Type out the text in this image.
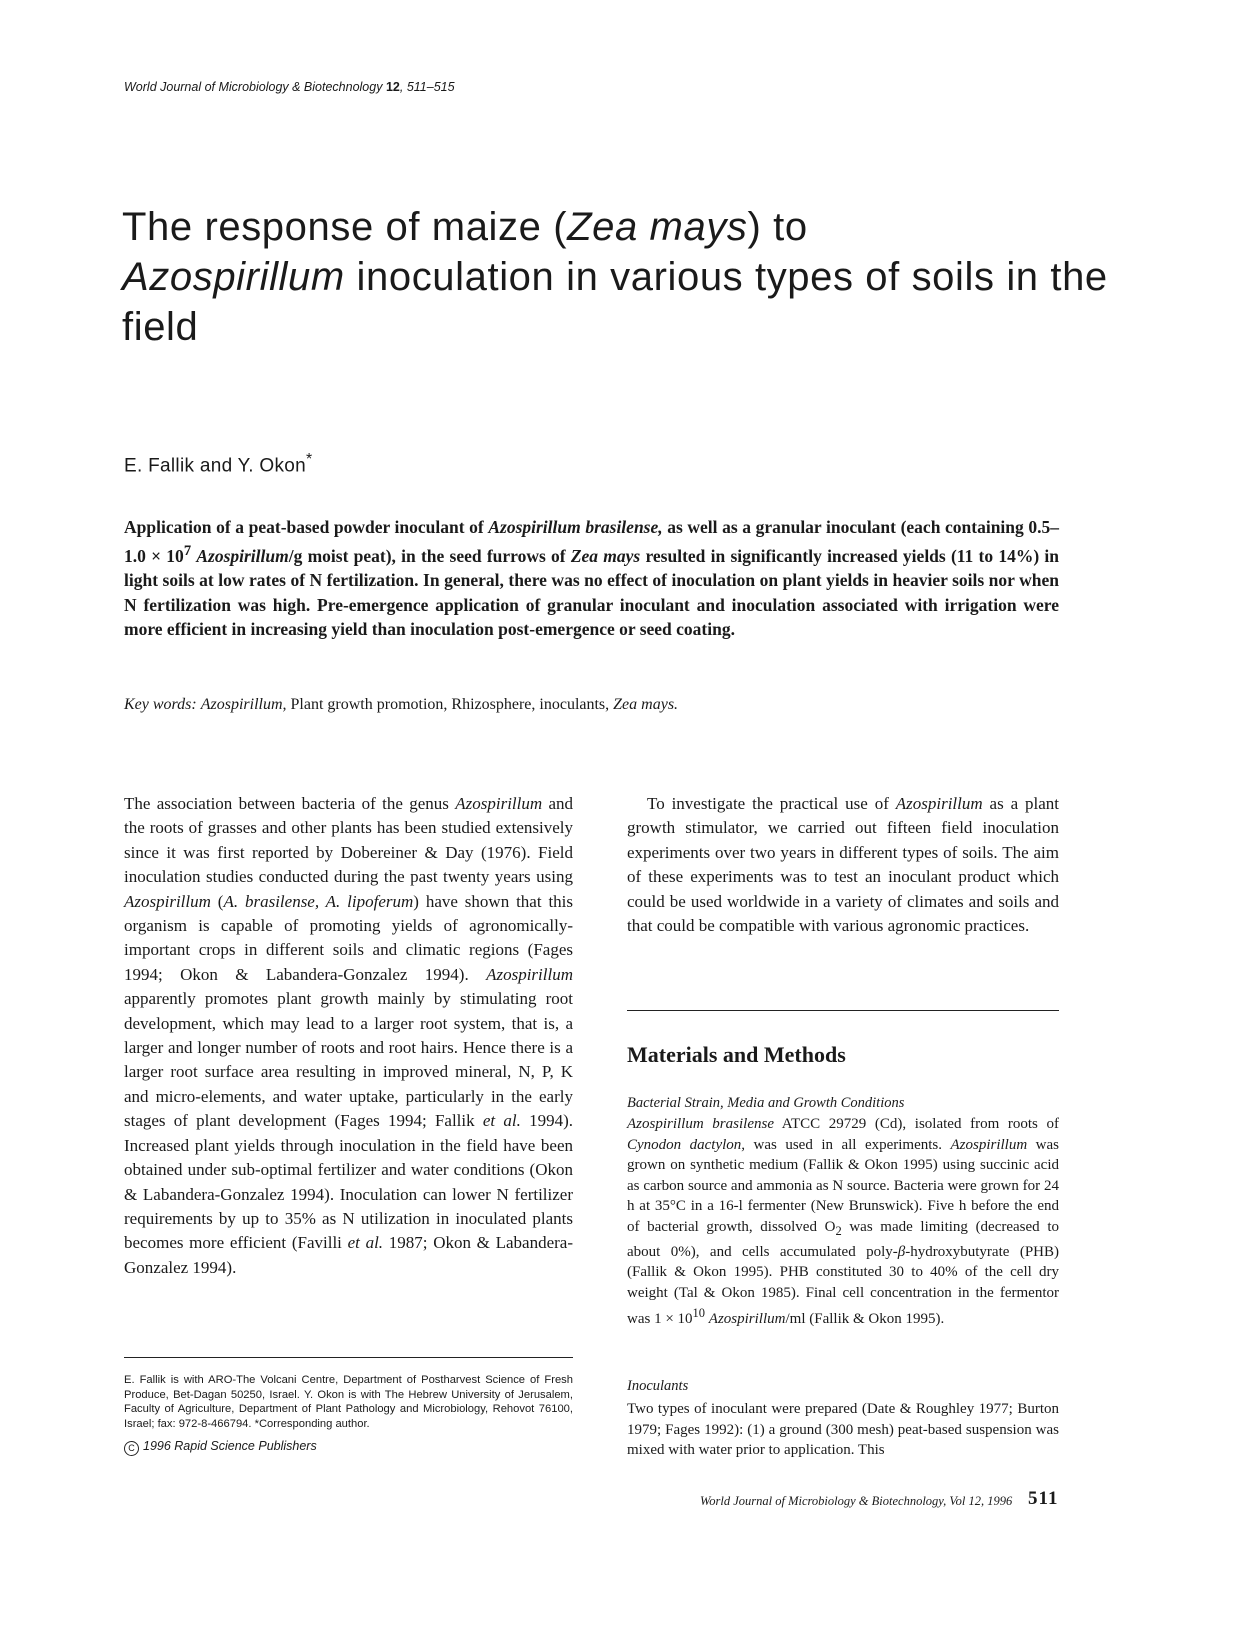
World Journal of Microbiology & Biotechnology 12, 511–515
The response of maize (Zea mays) to
Azospirillum inoculation in various types of soils in the field
E. Fallik and Y. Okon*

Application of a peat-based powder inoculant of Azospirillum brasilense, as well as a granular inoculant (each containing $0.5-1.0 \times 10^7$ Azospirillum/g moist peat), in the seed furrows of Zea mays resulted in significantly increased yields (11 to 14%) in light soils at low rates of N fertilization. In general, there was no effect of inoculation on plant yields in heavier soils nor when N fertilization was high. Pre-emergence application of granular inoculant and inoculation associated with irrigation were more efficient in increasing yield than inoculation post-emergence or seed coating.

Key words: Azospirillum, Plant growth promotion, Rhizosphere, inoculants, Zea mays.
The association between bacteria of the genus Azospirillum and the roots of grasses and other plants has been studied extensively since it was first reported by Dobereiner & Day (1976). Field inoculation studies conducted during the past twenty years using Azospirillum (A. brasilense, A. lipoferum) have shown that this organism is capable of promoting yields of agronomically-important crops in different soils and climatic regions (Fages 1994; Okon & Labandera-Gonzalez 1994). Azospirillum apparently promotes plant growth mainly by stimulating root development, which may lead to a larger root system, that is, a larger and longer number of roots and root hairs. Hence there is a larger root surface area resulting in improved mineral, N, P, K and micro-elements, and water uptake, particularly in the early stages of plant development (Fages 1994; Fallik et al. 1994). Increased plant yields through inoculation in the field have been obtained under sub-optimal fertilizer and water conditions (Okon & Labandera-Gonzalez 1994). Inoculation can lower N fertilizer requirements by up to 35% as N utilization in inoculated plants becomes more efficient (Favilli et al. 1987; Okon & Labandera-Gonzalez 1994).
To investigate the practical use of Azospirillum as a plant growth stimulator, we carried out fifteen field inoculation experiments over two years in different types of soils. The aim of these experiments was to test an inoculant product which could be used worldwide in a variety of climates and soils and that could be compatible with various agronomic practices.
Materials and Methods
Bacterial Strain, Media and Growth Conditions
Azospirillum brasilense ATCC 29729 (Cd), isolated from roots of Cynodon dactylon, was used in all experiments. Azospirillum was grown on synthetic medium (Fallik & Okon 1995) using succinic acid as carbon source and ammonia as N source. Bacteria were grown for 24 h at 35°C in a 16-l fermenter (New Brunswick). Five h before the end of bacterial growth, dissolved $O_2$ was made limiting (decreased to about 0%), and cells accumulated poly-β-hydroxybutyrate (PHB) (Fallik & Okon 1995). PHB constituted 30 to 40% of the cell dry weight (Tal & Okon 1985). Final cell concentration in the fermentor was $1 \times 10^{10}$ Azospirillum/ml (Fallik & Okon 1995).
Inoculants
Two types of inoculant were prepared (Date & Roughley 1977; Burton 1979; Fages 1992): (1) a ground (300 mesh) peat-based suspension was mixed with water prior to application. This
E. Fallik is with ARO-The Volcani Centre, Department of Postharvest Science of Fresh Produce, Bet-Dagan 50250, Israel. Y. Okon is with The Hebrew University of Jerusalem, Faculty of Agriculture, Department of Plant Pathology and Microbiology, Rehovot 76100, Israel; fax: 972-8-466794. *Corresponding author.
C 1996 Rapid Science Publishers
World Journal of Microbiology & Biotechnology, Vol 12, 1996 511
